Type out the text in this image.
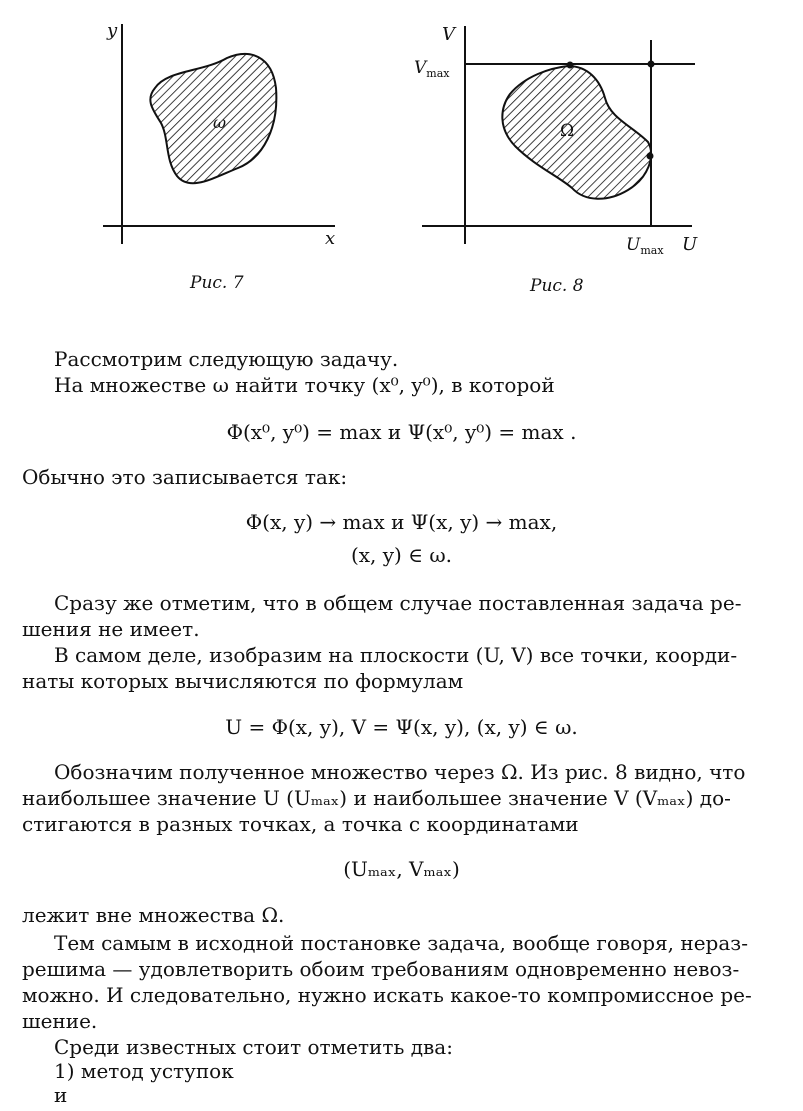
ω
y
x
Ω
V
U
$V_{max}$
$U_{max}$
Рис. 7	Рис. 8

Рассмотрим следующую задачу.

На множестве ω найти точку (x⁰, y⁰), в которой

Φ(x⁰, y⁰) = max и Ψ(x⁰, y⁰) = max .

Обычно это записывается так:

Φ(x, y) → max и Ψ(x, y) → max,

(x, y) ∈ ω.

Сразу же отметим, что в общем случае поставленная задача ре-

шения не имеет.

В самом деле, изобразим на плоскости (U, V) все точки, коорди-

наты которых вычисляются по формулам

U = Φ(x, y), V = Ψ(x, y), (x, y) ∈ ω.

Обозначим полученное множество через Ω. Из рис. 8 видно, что

наибольшее значение U (Uₘₐₓ) и наибольшее значение V (Vₘₐₓ) до-

стигаются в разных точках, а точка с координатами

(Uₘₐₓ, Vₘₐₓ)

лежит вне множества Ω.

Тем самым в исходной постановке задача, вообще говоря, нераз-

решима — удовлетворить обоим требованиям одновременно невоз-

можно. И следовательно, нужно искать какое-то компромиссное ре-

шение.

Среди известных стоит отметить два:

1) метод уступок

и
